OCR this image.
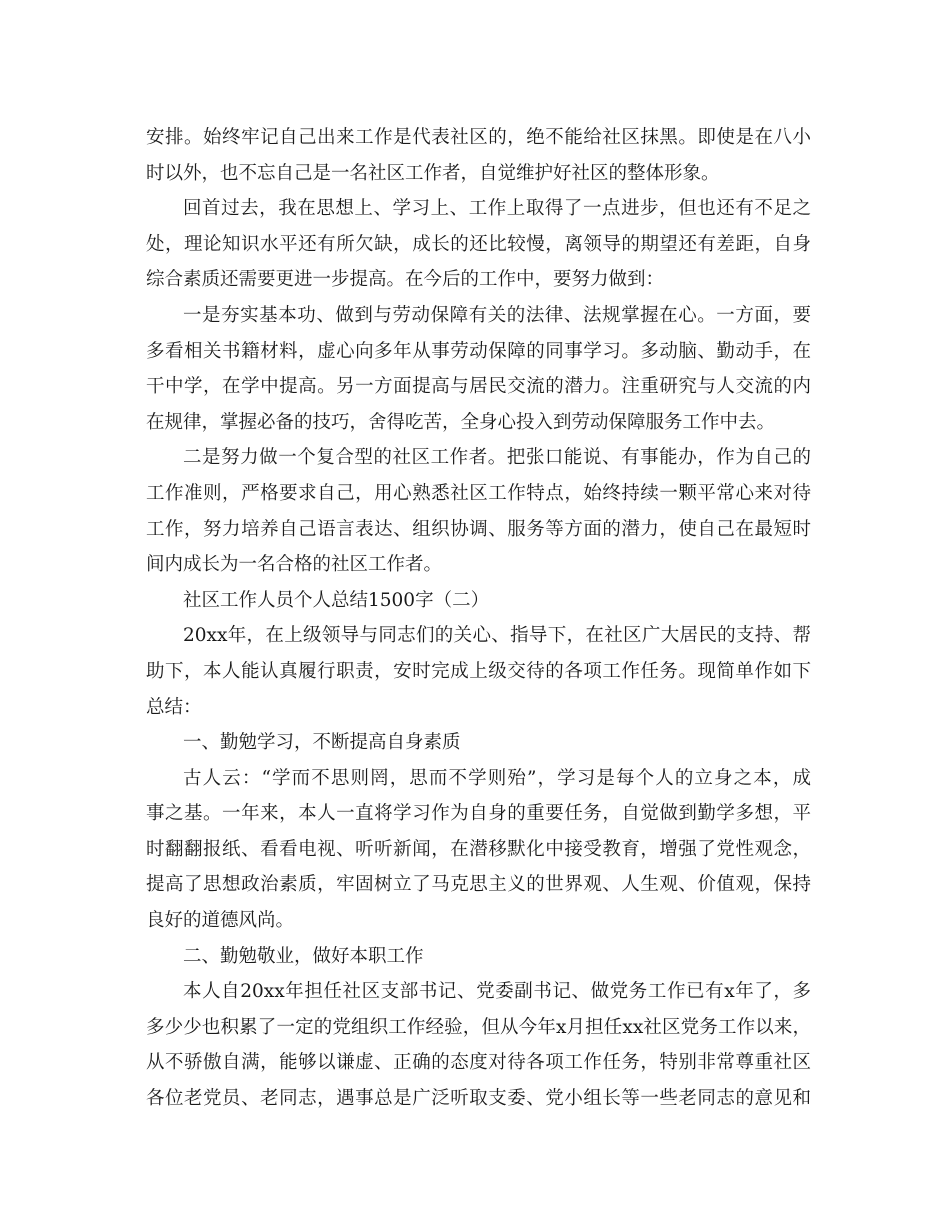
安排。始终牢记自己出来工作是代表社区的，绝不能给社区抹黑。即使是在八小
时以外，也不忘自己是一名社区工作者，自觉维护好社区的整体形象。
回首过去，我在思想上、学习上、工作上取得了一点进步，但也还有不足之
处，理论知识水平还有所欠缺，成长的还比较慢，离领导的期望还有差距，自身
综合素质还需要更进一步提高。在今后的工作中，要努力做到：
一是夯实基本功、做到与劳动保障有关的法律、法规掌握在心。一方面，要
多看相关书籍材料，虚心向多年从事劳动保障的同事学习。多动脑、勤动手，在
干中学，在学中提高。另一方面提高与居民交流的潜力。注重研究与人交流的内
在规律，掌握必备的技巧，舍得吃苦，全身心投入到劳动保障服务工作中去。
二是努力做一个复合型的社区工作者。把张口能说、有事能办，作为自己的
工作准则，严格要求自己，用心熟悉社区工作特点，始终持续一颗平常心来对待
工作，努力培养自己语言表达、组织协调、服务等方面的潜力，使自己在最短时
间内成长为一名合格的社区工作者。
社区工作人员个人总结1500字（二）
20xx年，在上级领导与同志们的关心、指导下，在社区广大居民的支持、帮
助下，本人能认真履行职责，安时完成上级交待的各项工作任务。现简单作如下
总结：
一、勤勉学习，不断提高自身素质
古人云：“学而不思则罔，思而不学则殆”，学习是每个人的立身之本，成
事之基。一年来，本人一直将学习作为自身的重要任务，自觉做到勤学多想，平
时翻翻报纸、看看电视、听听新闻，在潜移默化中接受教育，增强了党性观念，
提高了思想政治素质，牢固树立了马克思主义的世界观、人生观、价值观，保持
良好的道德风尚。
二、勤勉敬业，做好本职工作
本人自20xx年担任社区支部书记、党委副书记、做党务工作已有x年了，多
多少少也积累了一定的党组织工作经验，但从今年x月担任xx社区党务工作以来，
从不骄傲自满，能够以谦虚、正确的态度对待各项工作任务，特别非常尊重社区
各位老党员、老同志，遇事总是广泛听取支委、党小组长等一些老同志的意见和
